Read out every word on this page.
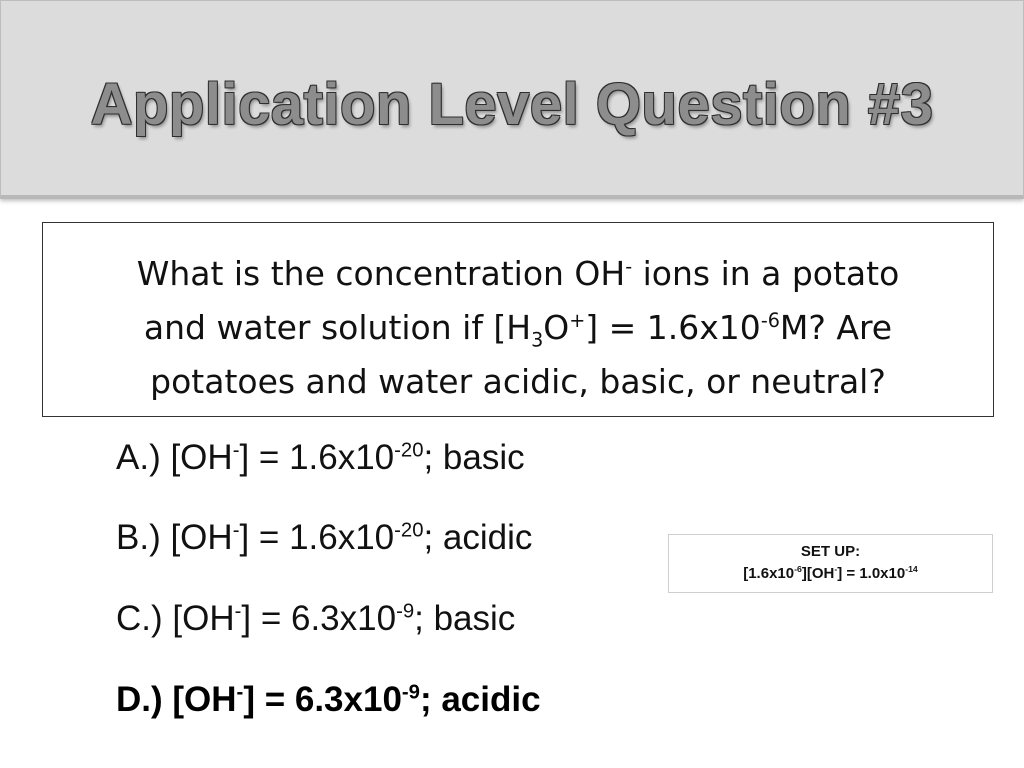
Application Level Question #3
What is the concentration OH- ions in a potato
and water solution if $[H_3O^+] = 1.6x10^{-6}M$? Are
potatoes and water acidic, basic, or neutral?
A.) $[OH^-] = 1.6x10^{-20}$; basic
B.) $[OH^-] = 1.6x10^{-20}$; acidic
C.) $[OH^-] = 6.3x10^{-9}$; basic
D.) $[OH^-] = 6.3x10^{-9}$; acidic
SET UP:
$[1.6x10^{-6}][OH^-] = 1.0x10^{-14}$
